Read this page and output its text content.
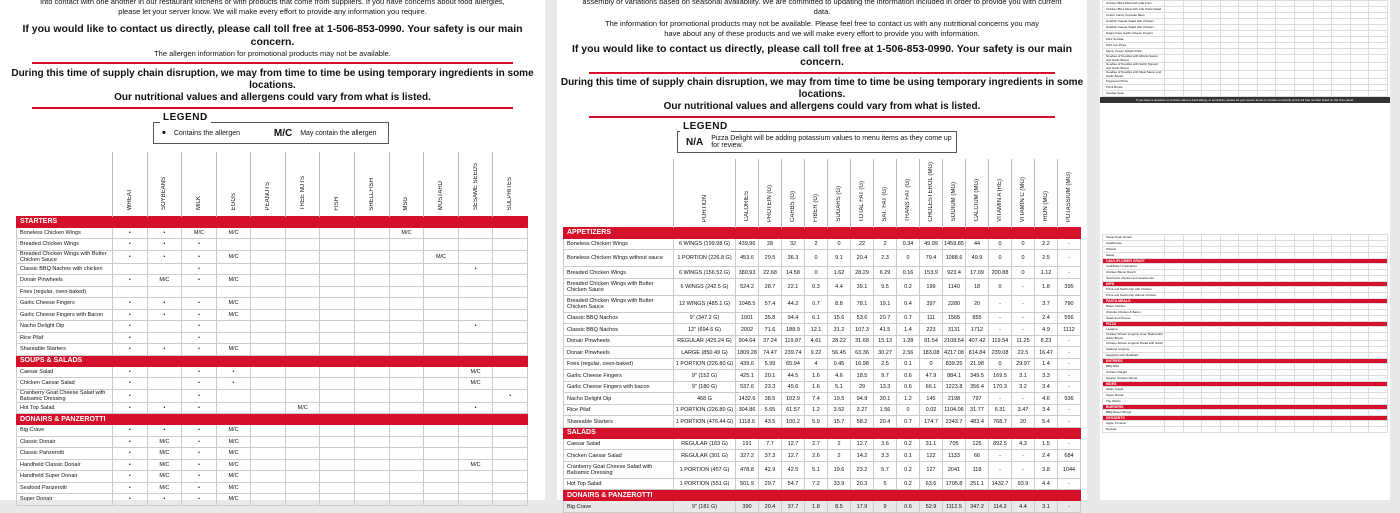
into contact with one another in our restaurant kitchens or with products that come from suppliers. If you have concerns about food allergies,
please let your server know. We will make every effort to provide any information you require.
If you would like to contact us directly, please call toll free at 1-506-853-0990. Your safety is our main concern.
The allergen information for promotional products may not be available.
During this time of supply chain disruption, we may from time to time be using temporary ingredients in some locations.
Our nutritional values and allergens could vary from what is listed.
LEGEND
•	Contains the allergen	M/C	May contain the allergen
	WHEAT	SOYBEANS	MILK	EGGS	PEANUTS	TREE NUTS	FISH	SHELLFISH	MSG	MUSTARD	SESAME SEEDS	SULPHITES
STARTERS												
Boneless Chicken Wings	•	•	M/C	M/C					M/C			
Breaded Chicken Wings	•	•	•									
Breaded Chicken Wings with Butter Chicken Sauce	•	•	•	M/C						M/C		
Classic BBQ Nachos with chicken			•								•	
Donair Pinwheels	•	M/C	•	M/C								
Fries (regular, oven-baked)												
Garlic Cheese Fingers	•	•	•	M/C								
Garlic Cheese Fingers with Bacon	•	•	•	M/C								
Nacho Delight Dip	•		•								•	
Rice Pilaf	•		•									
Shareable Starters	•	•	•	M/C								
SOUPS & SALADS												
Caesar Salad	•		•	•							M/C	
Chicken Caesar Salad	•		•	•							M/C	
Cranberry Goat Cheese Salad with Balsamic Dressing	•		•									•
Hot Top Salad	•	•	•			M/C					•	
DONAIRS & PANZEROTTI												
Big Crave	•	•	•	M/C								
Classic Donair	•	M/C	•	M/C								
Classic Panzerotti	•	M/C	•	M/C								
Handheld Classic Donair	•	M/C	•	M/C							M/C	
Handheld Super Donair	•	M/C	•	M/C								
Seafood Panzerotti	•	M/C	•	M/C								
Super Donair	•	•	•	M/C								
assembly or variations based on seasonal availability. We are committed to updating the information included in order to provide you with current data.
The information for promotional products may not be available. Please feel free to contact us with any nutritional concerns you may
have about any of these products and we will make every effort to provide you with information.
If you would like to contact us directly, please call toll free at 1-506-853-0990. Your safety is our main concern.
During this time of supply chain disruption, we may from time to time be using temporary ingredients in some locations.
Our nutritional values and allergens could vary from what is listed.
LEGEND
N/A	Pizza Delight will be adding potassium values to menu items as they come up for review.
	PORTION	CALORIES	PROTEIN (G)	CARBS (G)	FIBER (G)	SUGARS (G)	TOTAL FAT (G)	SAT. FAT (G)	TRANS FAT (G)	CHOLESTEROL (MG)	SODIUM (MG)	CALCIUM (MG)	VITAMIN A (RE)	VITAMIN C (MG)	IRON (MG)	POTASSIUM (MG)
APPETIZERS																
Boneless Chicken Wings	6 WINGS (199.98 G)	439.96	28	32	2	0	22	2	0.34	49.99	1459.85	44	0	0	2.2	-
Boneless Chicken Wings without sauce	1 PORTION (226.8 G)	453.6	29.5	36.3	0	9.1	20.4	2.3	0	79.4	1088.6	49.9	0	0	2.5	-
Breaded Chicken Wings	6 WINGS (156.52 G)	380.93	22.68	14.58	0	1.62	28.29	6.29	0.16	153.9	923.4	17.09	200.88	0	1.12	-
Breaded Chicken Wings with Butter Chicken Sauce	6 WINGS (242.5 G)	524.2	28.7	22.1	0.3	4.4	39.1	9.5	0.2	199	1140	18	0	-	1.8	395
Breaded Chicken Wings with Butter Chicken Sauce	12 WINGS (485.1 G)	1048.5	57.4	44.2	0.7	8.8	78.1	19.1	0.4	397	2280	20	-	-	3.7	790
Classic BBQ Nachos	9" (347.2 G)	1001	35.8	94.4	6.1	15.6	53.6	20.7	0.7	111	1565	855	-	-	2.4	556
Classic BBQ Nachos	12" (694.6 G)	2002	71.6	188.9	12.1	31.2	107.3	41.5	1.4	223	3131	1712	-	-	4.9	1112
Donair Pinwheels	REGULAR (425.24 G)	904.64	37.24	119.87	4.61	28.22	31.68	15.13	1.28	91.54	2108.54	407.42	119.54	11.25	8.23	-
Donair Pinwheels	LARGE (850.49 G)	1809.28	74.47	239.74	9.22	56.45	63.36	30.27	2.56	183.08	4217.08	814.84	239.08	22.5	16.47	-
Fries (regular, oven-baked)	1 PORTION (226.80 G)	439.6	5.99	65.94	4	0.45	16.98	2.5	0.1	0	839.25	21.98	0	29.97	1.4	-
Garlic Cheese Fingers	9" (152 G)	425.1	20.1	44.5	1.6	4.6	18.5	9.7	0.6	47.9	884.1	349.5	169.5	3.1	3.3	-
Garlic Cheese Fingers with bacon	9" (180 G)	537.6	23.3	45.6	1.6	5.1	29	13.3	0.6	66.1	1223.8	356.4	170.3	3.2	3.4	-
Nacho Delight Dip	468 G	1432.6	38.5	102.9	7.4	19.5	94.9	30.1	1.2	145	2198	797	-	-	4.6	936
Rice Pilaf	1 PORTION (226.80 G)	304.86	5.65	61.57	1.2	3.52	3.27	1.56	0	0.02	1104.06	31.77	6.31	3.47	3.4	-
Shareable Starters	1 PORTION (476.44 G)	1118.6	43.5	100.2	5.9	15.7	58.2	20.4	0.7	174.7	2343.7	483.4	768.7	20	5.4	-
SALADS																
Caesar Salad	REGULAR (163 G)	191	7.7	12.7	2.7	2	12.7	3.6	0.2	31.1	705	125	892.5	4.3	1.5	-
Chicken Caesar Salad	REGULAR (301 G)	327.2	37.3	12.7	2.6	2	14.2	3.3	0.1	122	1133	66	-	-	2.4	684
Cranberry Goat Cheese Salad with Balsamic Dressing	1 PORTION (457 G)	478.8	42.9	42.5	5.1	19.6	23.2	5.7	0.2	127	2041	118	-	-	3.8	1044
Hot Top Salad	1 PORTION (551 G)	501.9	29.7	54.7	7.2	33.9	20.3	5	0.2	63.6	1705.8	251.1	1432.7	93.9	4.4	-
DONAIRS & PANZEROTTI																
Big Crave	9" (181 G)	390	20.4	37.7	1.8	8.5	17.9	9	0.6	52.9	1112.5	347.2	114.2	4.4	3.1	-
Chicken Bites Meal with side Fries												
Chicken Bites Meal with side Pasta Salad												
Cotton Candy Cupcake Bites												
Goldfish Caesar Salad with Chicken												
Goldfish Caesar Salad with Chicken												
Happy Face Garlic Cheese Fingers												
Kid's Sundae												
Kid's Cut Pizza												
Monty Ocean Splash Drink												
Noodles of Noodles with Alfredo Sauce and Garlic Bread												
Noodles of Noodles with Garlic Spread and Garlic Bread												
Noodles of Noodles with Meat Sauce and Garlic Bread												
Pepperoni Pizza												
Pizza Brown												
Sundae Soup												
If you have a question or concern about a food allergy or sensitivity, please let your server know or contact us directly at the toll free number listed on the front panel.
Sweet Ryan Donair												
Steakhouse												
Wheats												
Meats												
CAULIFLOWER CRUST												
Cauliflower Crust alone												
Chicken Bacon Ranch												
Southwest Chicken and Guacamole												
DIPS												
Pizza and Nacho Dip with Chicken												
Pizza and Nacho Dip without Chicken												
PASTA MEALS												
Butter Chicken												
Chipotle Chicken & Bacon												
Steak and Cheese												
PIZZA												
Lasagna												
Chicken Alfredo Linguine Oven Baked with Garlic Bread												
Chicken Alfredo Linguine Bread with Garlic												
Seafood Linguine												
Spaghetti with Meatballs												
ENTREES												
BBQ Ribs												
Chicken Delight												
Quarter Chicken Dinner												
SIDES												
Italian Knight												
Super Donair												
The Works												
BURGERS												
BBQ Bacon Burger												
DESSERTS												
Apple Turnover												
Brownie												
